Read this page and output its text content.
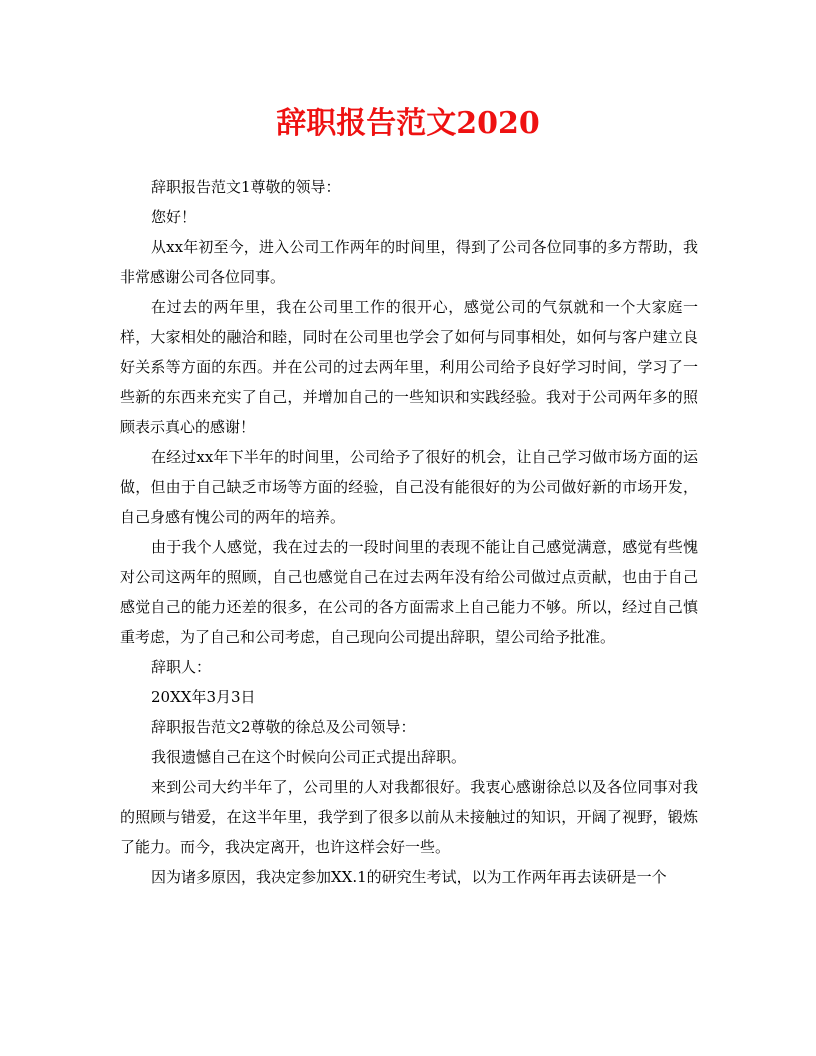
辞职报告范文2020

辞职报告范文1尊敬的领导：

您好！

从xx年初至今，进入公司工作两年的时间里，得到了公司各位同事的多方帮助，我非常感谢公司各位同事。

在过去的两年里，我在公司里工作的很开心，感觉公司的气氛就和一个大家庭一样，大家相处的融洽和睦，同时在公司里也学会了如何与同事相处，如何与客户建立良好关系等方面的东西。并在公司的过去两年里，利用公司给予良好学习时间，学习了一些新的东西来充实了自己，并增加自己的一些知识和实践经验。我对于公司两年多的照顾表示真心的感谢！

在经过xx年下半年的时间里，公司给予了很好的机会，让自己学习做市场方面的运做，但由于自己缺乏市场等方面的经验，自己没有能很好的为公司做好新的市场开发，自己身感有愧公司的两年的培养。

由于我个人感觉，我在过去的一段时间里的表现不能让自己感觉满意，感觉有些愧对公司这两年的照顾，自己也感觉自己在过去两年没有给公司做过点贡献，也由于自己感觉自己的能力还差的很多，在公司的各方面需求上自己能力不够。所以，经过自己慎重考虑，为了自己和公司考虑，自己现向公司提出辞职，望公司给予批准。

辞职人：

20XX年3月3日

辞职报告范文2尊敬的徐总及公司领导：

我很遗憾自己在这个时候向公司正式提出辞职。

来到公司大约半年了，公司里的人对我都很好。我衷心感谢徐总以及各位同事对我的照顾与错爱，在这半年里，我学到了很多以前从未接触过的知识，开阔了视野，锻炼了能力。而今，我决定离开，也许这样会好一些。

因为诸多原因，我决定参加XX.1的研究生考试，以为工作两年再去读研是一个
